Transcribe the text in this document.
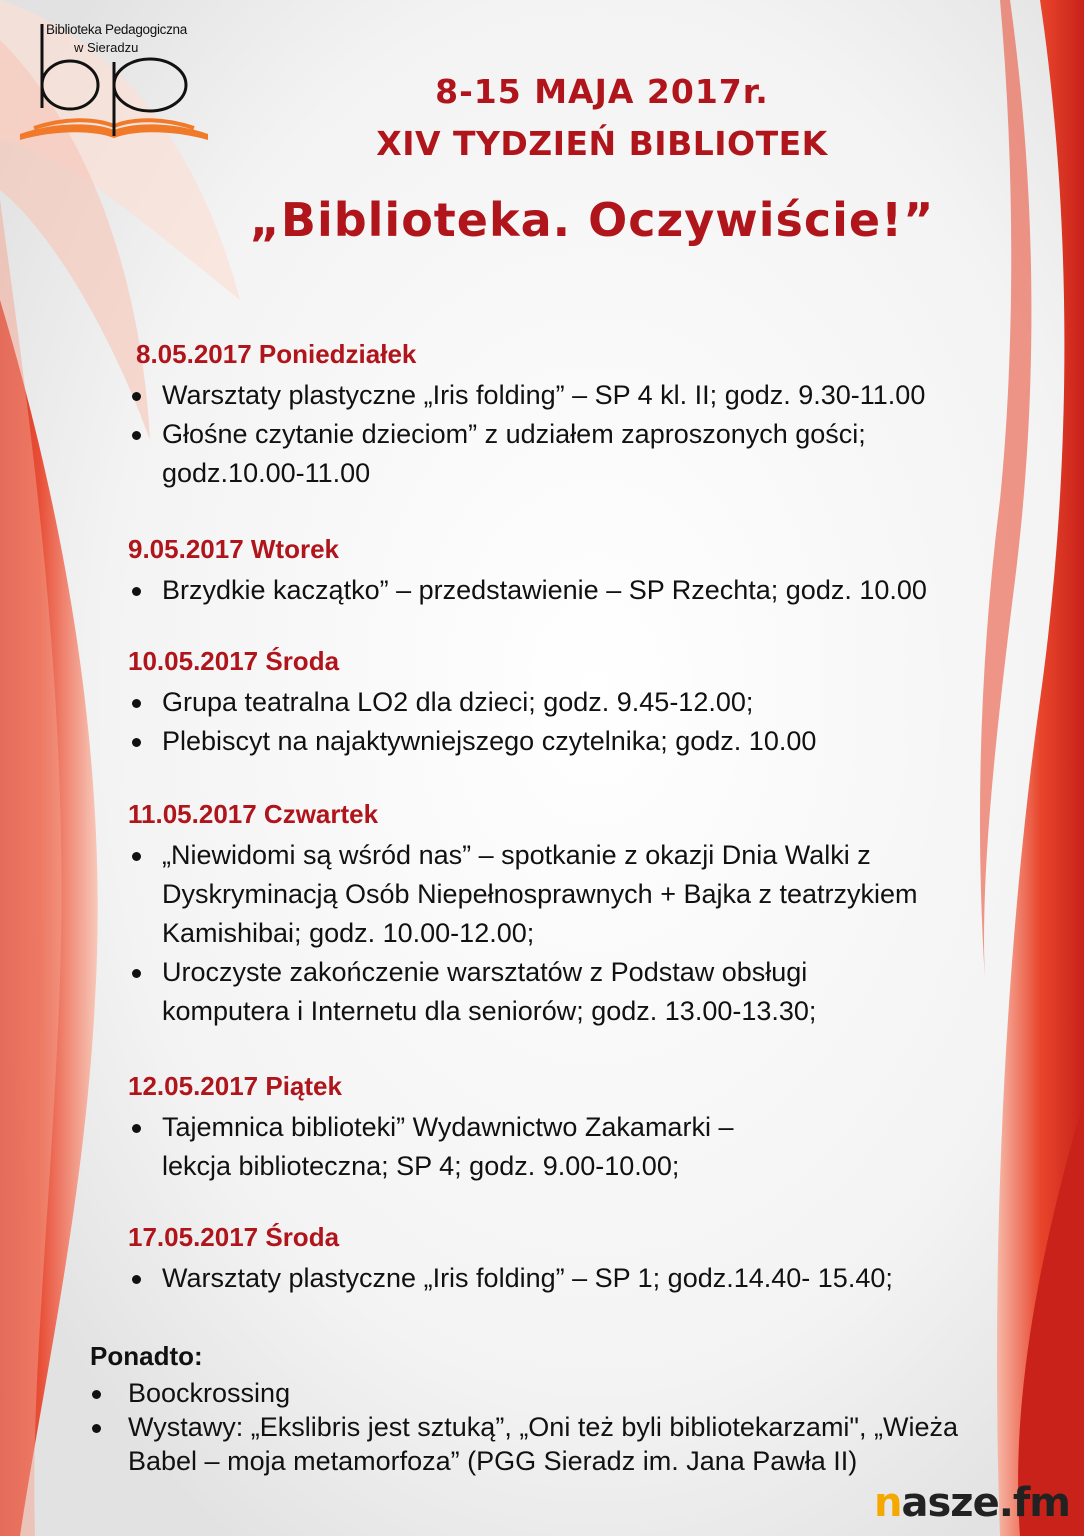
Biblioteka Pedagogiczna
w Sieradzu
8-15 MAJA 2017r.
XIV TYDZIEŃ BIBLIOTEK
„Biblioteka. Oczywiście!”
8.05.2017 Poniedziałek
Warsztaty plastyczne „Iris folding” – SP 4 kl. II; godz. 9.30-11.00
Głośne czytanie dzieciom” z udziałem zaproszonych gości; godz.10.00-11.00
9.05.2017 Wtorek
Brzydkie kaczątko” – przedstawienie – SP Rzechta; godz. 10.00
10.05.2017 Środa
Grupa teatralna LO2 dla dzieci; godz. 9.45-12.00;
Plebiscyt na najaktywniejszego czytelnika; godz. 10.00
11.05.2017 Czwartek
„Niewidomi są wśród nas” – spotkanie z okazji Dnia Walki z Dyskryminacją Osób Niepełnosprawnych + Bajka z teatrzykiem Kamishibai; godz. 10.00-12.00;
Uroczyste zakończenie warsztatów z Podstaw obsługi komputera i Internetu dla seniorów; godz. 13.00-13.30;
12.05.2017 Piątek
Tajemnica biblioteki” Wydawnictwo Zakamarki – lekcja biblioteczna; SP 4; godz. 9.00-10.00;
17.05.2017 Środa
Warsztaty plastyczne „Iris folding” – SP 1; godz.14.40- 15.40;
Ponadto:
Boockrossing
Wystawy: „Ekslibris jest sztuką”, „Oni też byli bibliotekarzami", „Wieża Babel – moja metamorfoza” (PGG Sieradz im. Jana Pawła II)
nasze.fm
